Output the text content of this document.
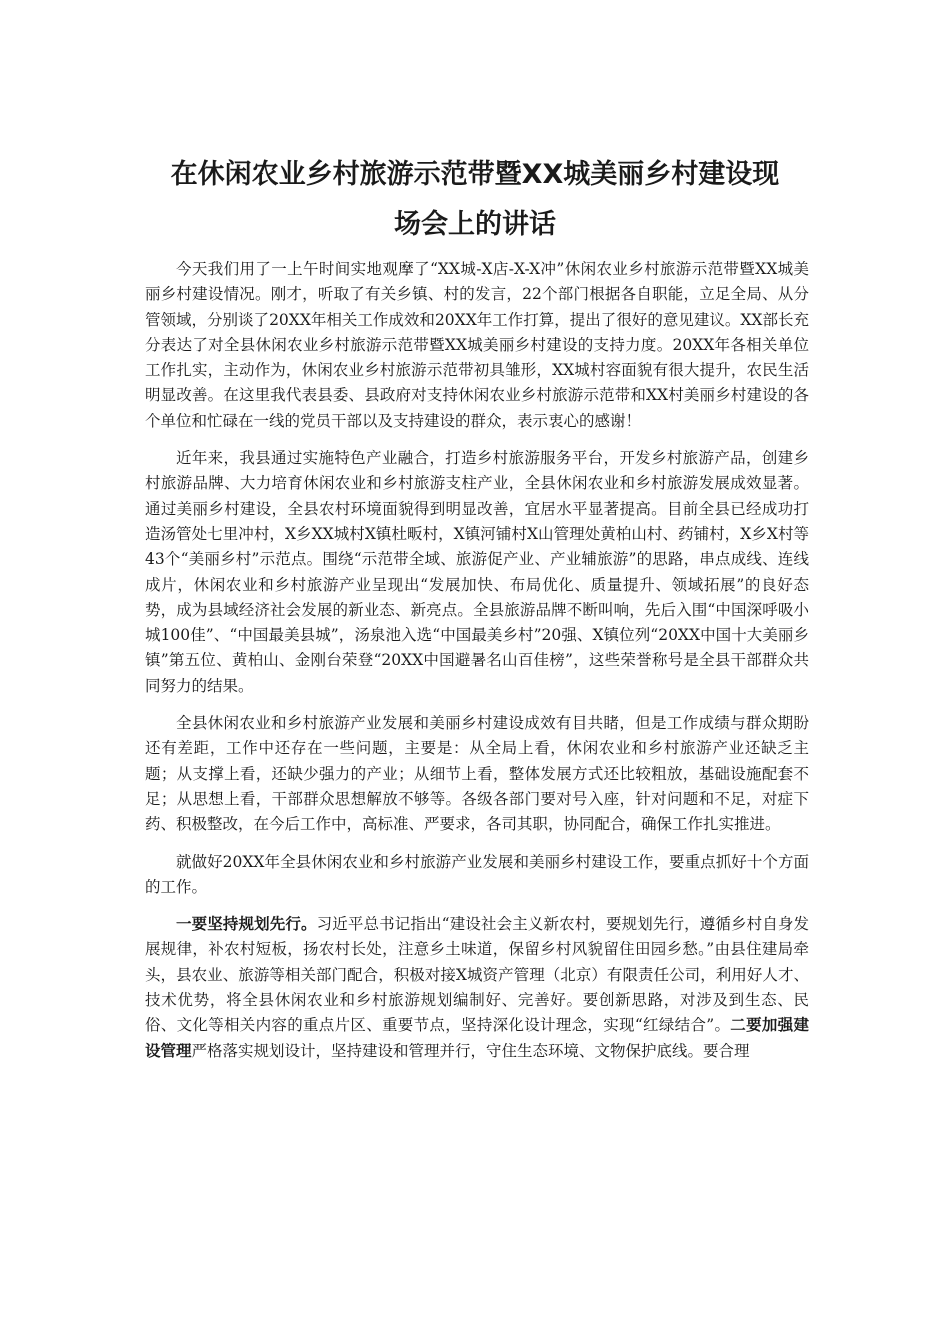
在休闲农业乡村旅游示范带暨XX城美丽乡村建设现
场会上的讲话

今天我们用了一上午时间实地观摩了“XX城-X店-X-X冲”休闲农业乡村旅游示范带暨XX城美丽乡村建设情况。刚才，听取了有关乡镇、村的发言，22个部门根据各自职能，立足全局、从分管领域，分别谈了20XX年相关工作成效和20XX年工作打算，提出了很好的意见建议。XX部长充分表达了对全县休闲农业乡村旅游示范带暨XX城美丽乡村建设的支持力度。20XX年各相关单位工作扎实，主动作为，休闲农业乡村旅游示范带初具雏形，XX城村容面貌有很大提升，农民生活明显改善。在这里我代表县委、县政府对支持休闲农业乡村旅游示范带和XX村美丽乡村建设的各个单位和忙碌在一线的党员干部以及支持建设的群众，表示衷心的感谢！

近年来，我县通过实施特色产业融合，打造乡村旅游服务平台，开发乡村旅游产品，创建乡村旅游品牌、大力培育休闲农业和乡村旅游支柱产业，全县休闲农业和乡村旅游发展成效显著。通过美丽乡村建设，全县农村环境面貌得到明显改善，宜居水平显著提高。目前全县已经成功打造汤管处七里冲村，X乡XX城村X镇杜畈村，X镇河铺村X山管理处黄柏山村、药铺村，X乡X村等43个“美丽乡村”示范点。围绕“示范带全域、旅游促产业、产业辅旅游”的思路，串点成线、连线成片，休闲农业和乡村旅游产业呈现出“发展加快、布局优化、质量提升、领域拓展”的良好态势，成为县域经济社会发展的新业态、新亮点。全县旅游品牌不断叫响，先后入围“中国深呼吸小城100佳”、“中国最美县城”，汤泉池入选“中国最美乡村”20强、X镇位列“20XX中国十大美丽乡镇”第五位、黄柏山、金刚台荣登“20XX中国避暑名山百佳榜”，这些荣誉称号是全县干部群众共同努力的结果。

全县休闲农业和乡村旅游产业发展和美丽乡村建设成效有目共睹，但是工作成绩与群众期盼还有差距，工作中还存在一些问题，主要是：从全局上看，休闲农业和乡村旅游产业还缺乏主题；从支撑上看，还缺少强力的产业；从细节上看，整体发展方式还比较粗放，基础设施配套不足；从思想上看，干部群众思想解放不够等。各级各部门要对号入座，针对问题和不足，对症下药、积极整改，在今后工作中，高标准、严要求，各司其职，协同配合，确保工作扎实推进。

就做好20XX年全县休闲农业和乡村旅游产业发展和美丽乡村建设工作，要重点抓好十个方面的工作。

一要坚持规划先行。习近平总书记指出“建设社会主义新农村，要规划先行，遵循乡村自身发展规律，补农村短板，扬农村长处，注意乡土味道，保留乡村风貌留住田园乡愁。”由县住建局牵头，县农业、旅游等相关部门配合，积极对接X城资产管理（北京）有限责任公司，利用好人才、技术优势，将全县休闲农业和乡村旅游规划编制好、完善好。要创新思路，对涉及到生态、民俗、文化等相关内容的重点片区、重要节点，坚持深化设计理念，实现“红绿结合”。二要加强建设管理严格落实规划设计，坚持建设和管理并行，守住生态环境、文物保护底线。要合理
